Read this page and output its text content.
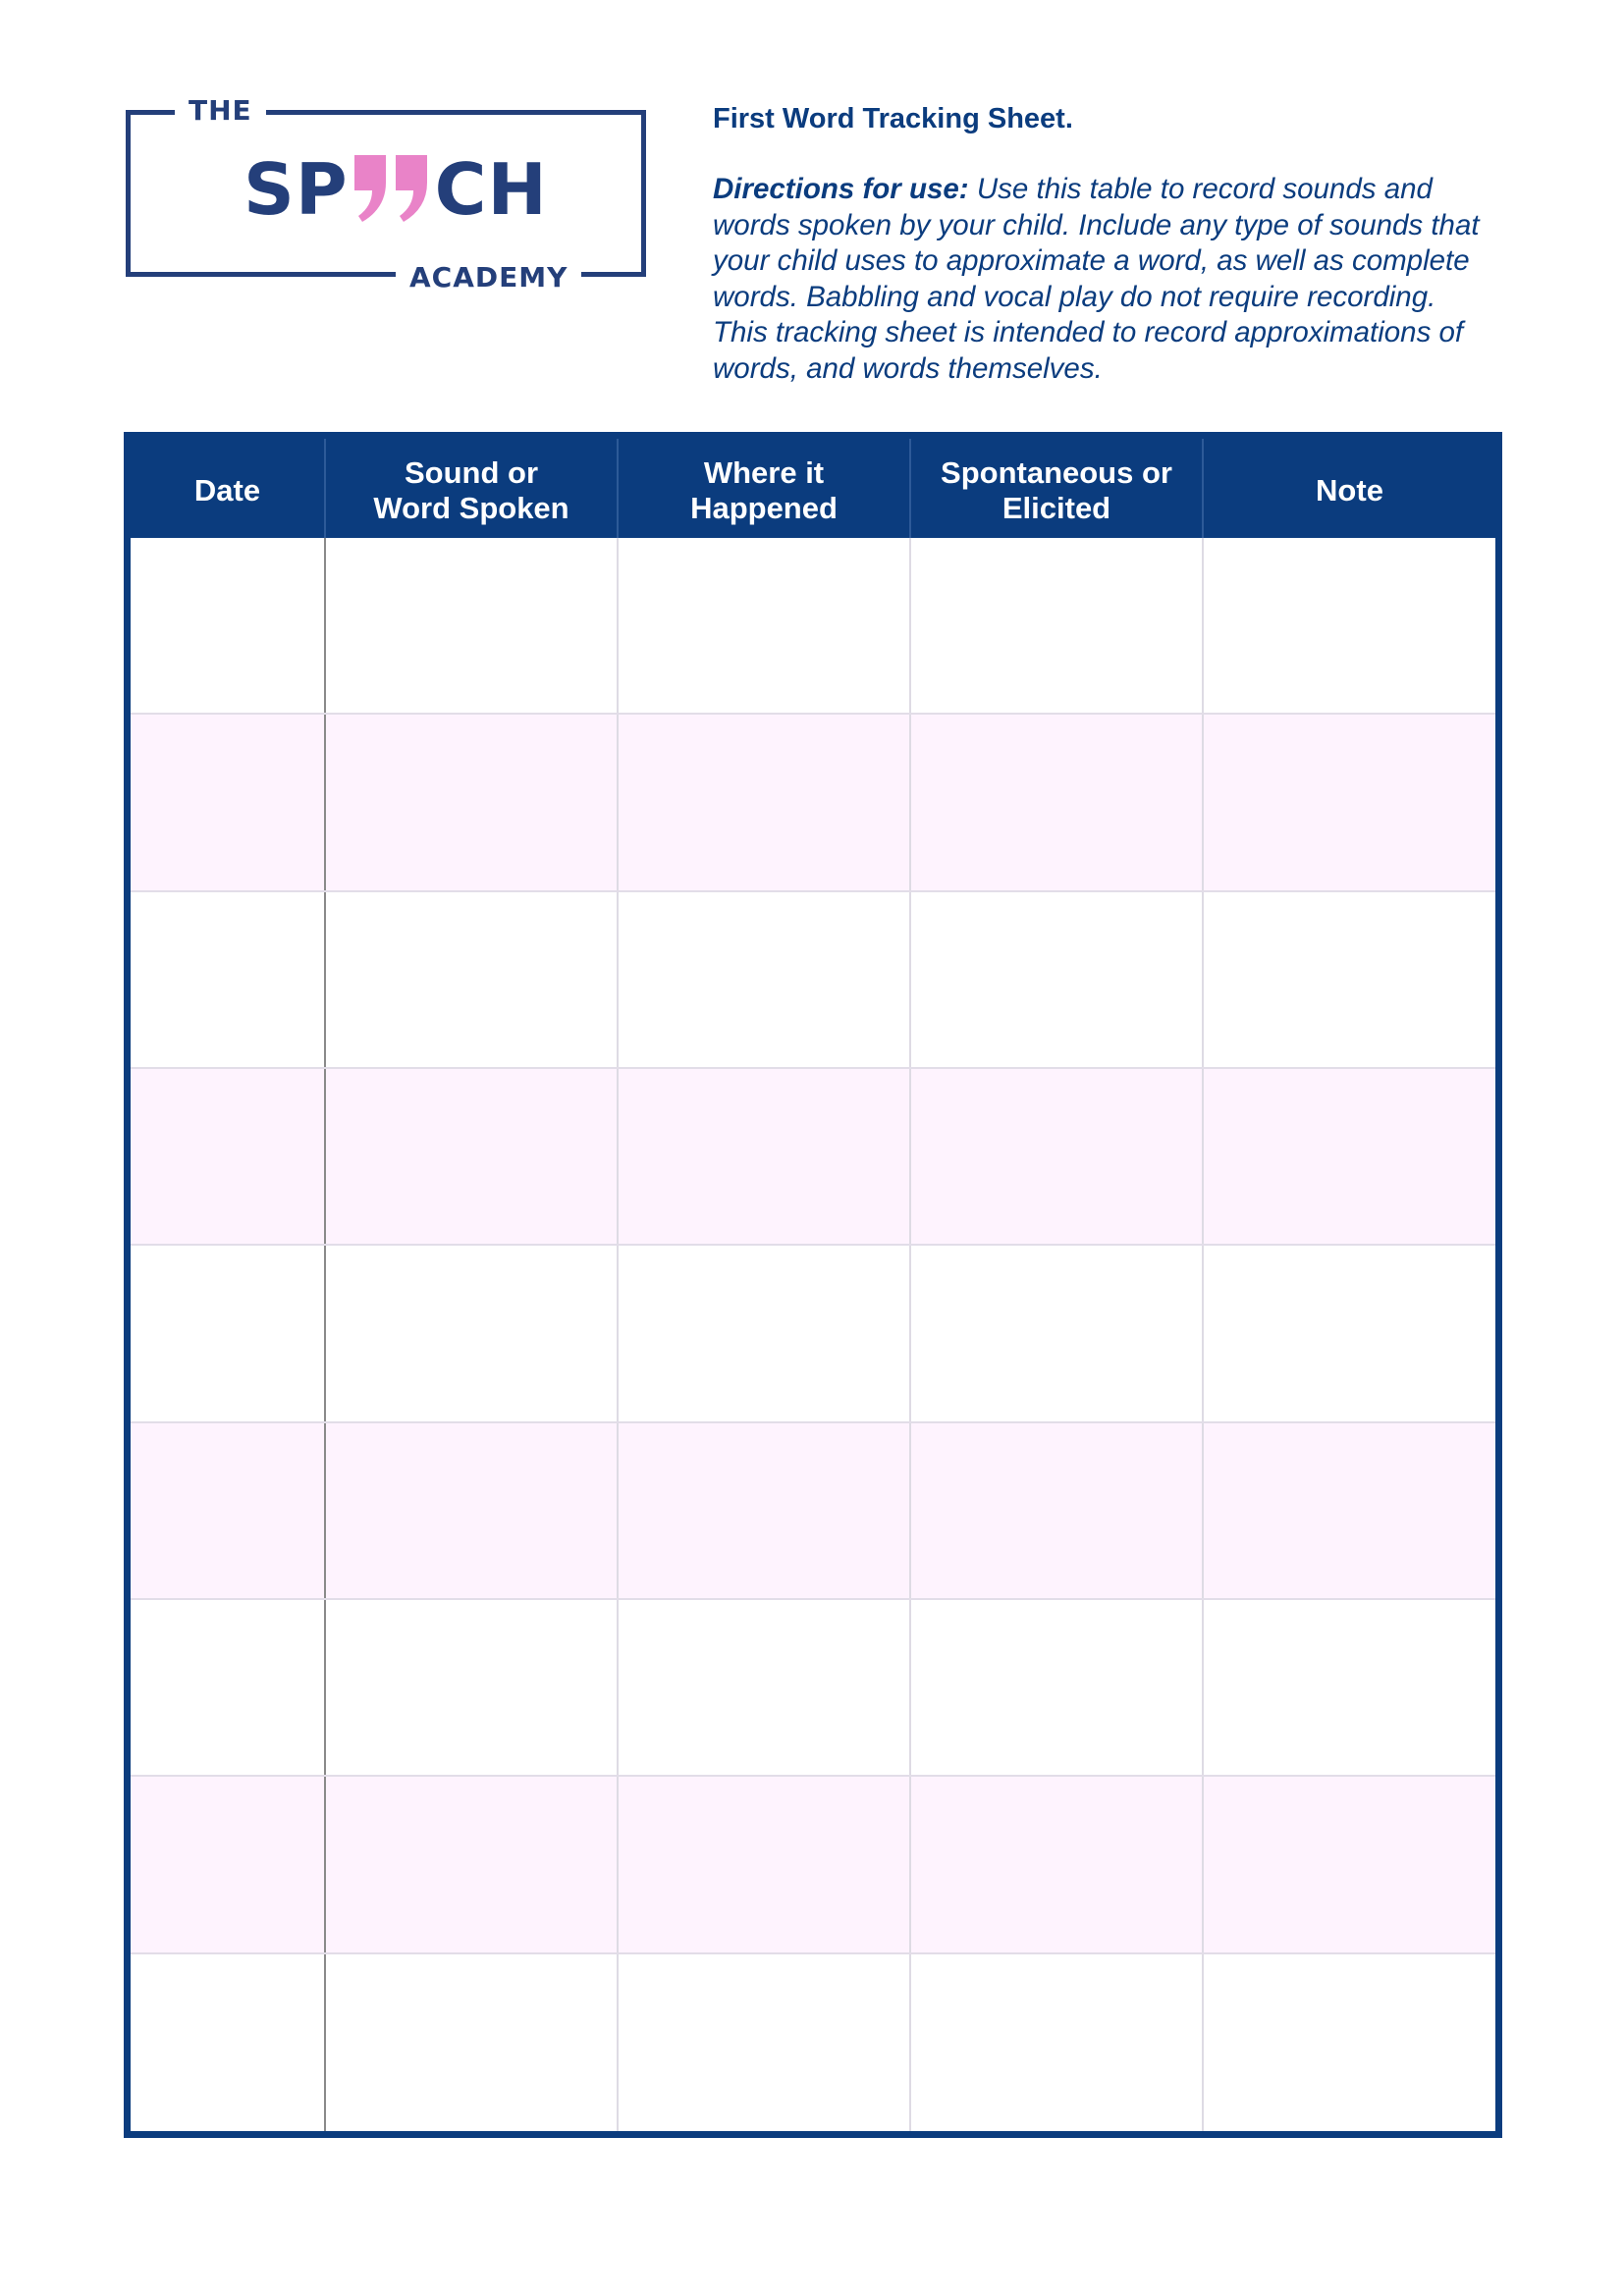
THE
SP CH
ACADEMY
First Word Tracking Sheet.
Directions for use: Use this table to record sounds and words spoken by your child. Include any type of sounds that your child uses to approximate a word, as well as complete words. Babbling and vocal play do not require recording. This tracking sheet is intended to record approximations of words, and words themselves.
Date
Sound or
Word Spoken
Where it
Happened
Spontaneous or
Elicited
Note
